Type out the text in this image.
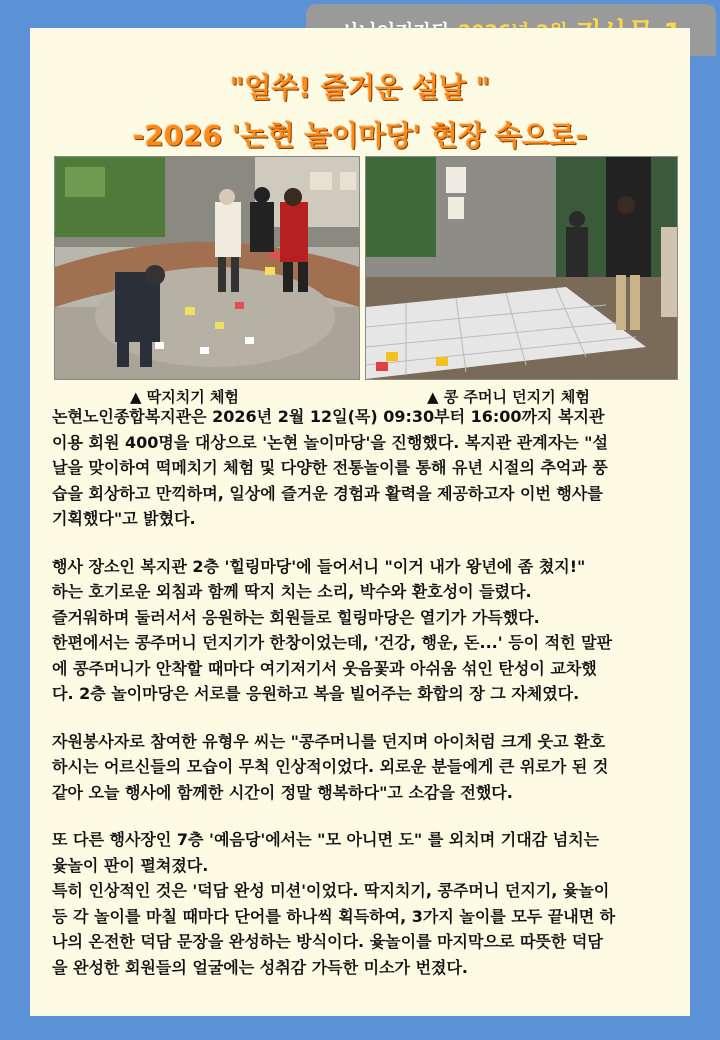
"얼쑤! 즐거운 설날 "
-2026 '논현 놀이마당' 현장 속으로-
▲ 딱지치기 체험	▲ 콩 주머니 던지기 체험

논현노인종합복지관은 2026년 2월 12일(목) 09:30부터 16:00까지 복지관
이용 회원 400명을 대상으로 '논현 놀이마당'을 진행했다. 복지관 관계자는 "설
날을 맞이하여 떡메치기 체험 및 다양한 전통놀이를 통해 유년 시절의 추억과 풍
습을 회상하고 만끽하며, 일상에 즐거운 경험과 활력을 제공하고자 이번 행사를
기획했다"고 밝혔다.

행사 장소인 복지관 2층 '힐링마당'에 들어서니 "이거 내가 왕년에 좀 쳤지!"
하는 호기로운 외침과 함께 딱지 치는 소리, 박수와 환호성이 들렸다.
즐거워하며 둘러서서 응원하는 회원들로 힐링마당은 열기가 가득했다.
한편에서는 콩주머니 던지기가 한창이었는데, '건강, 행운, 돈...' 등이 적힌 말판
에 콩주머니가 안착할 때마다 여기저기서 웃음꽃과 아쉬움 섞인 탄성이 교차했
다. 2층 놀이마당은 서로를 응원하고 복을 빌어주는 화합의 장 그 자체였다.

자원봉사자로 참여한 유형우 씨는 "콩주머니를 던지며 아이처럼 크게 웃고 환호
하시는 어르신들의 모습이 무척 인상적이었다. 외로운 분들에게 큰 위로가 된 것
같아 오늘 행사에 함께한 시간이 정말 행복하다"고 소감을 전했다.

또 다른 행사장인 7층 '예음당'에서는 "모 아니면 도" 를 외치며 기대감 넘치는
윷놀이 판이 펼쳐졌다.
특히 인상적인 것은 '덕담 완성 미션'이었다. 딱지치기, 콩주머니 던지기, 윷놀이
등 각 놀이를 마칠 때마다 단어를 하나씩 획득하여, 3가지 놀이를 모두 끝내면 하
나의 온전한 덕담 문장을 완성하는 방식이다. 윷놀이를 마지막으로 따뜻한 덕담
을 완성한 회원들의 얼굴에는 성취감 가득한 미소가 번졌다.
